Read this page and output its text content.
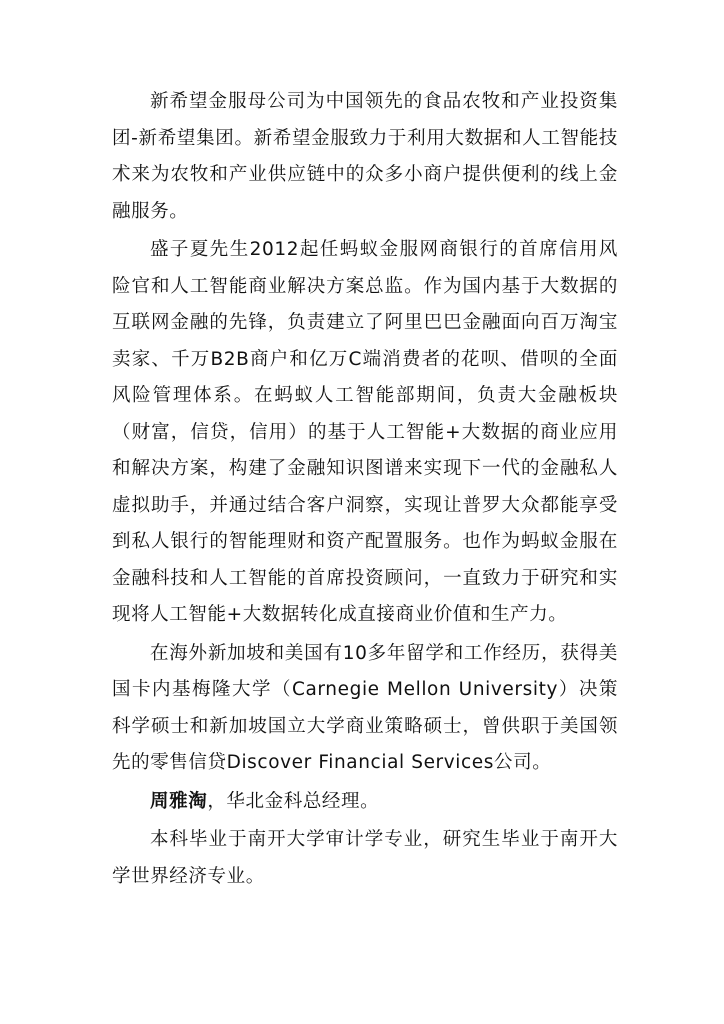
新希望金服母公司为中国领先的食品农牧和产业投资集团-新希望集团。新希望金服致力于利用大数据和人工智能技术来为农牧和产业供应链中的众多小商户提供便利的线上金融服务。

盛子夏先生2012起任蚂蚁金服网商银行的首席信用风险官和人工智能商业解决方案总监。作为国内基于大数据的互联网金融的先锋，负责建立了阿里巴巴金融面向百万淘宝卖家、千万B2B商户和亿万C端消费者的花呗、借呗的全面风险管理体系。在蚂蚁人工智能部期间，负责大金融板块（财富，信贷，信用）的基于人工智能+大数据的商业应用和解决方案，构建了金融知识图谱来实现下一代的金融私人虚拟助手，并通过结合客户洞察，实现让普罗大众都能享受到私人银行的智能理财和资产配置服务。也作为蚂蚁金服在金融科技和人工智能的首席投资顾问，一直致力于研究和实现将人工智能+大数据转化成直接商业价值和生产力。

在海外新加坡和美国有10多年留学和工作经历，获得美国卡内基梅隆大学（Carnegie Mellon University）决策科学硕士和新加坡国立大学商业策略硕士，曾供职于美国领先的零售信贷Discover Financial Services公司。

周雅淘，华北金科总经理。

本科毕业于南开大学审计学专业，研究生毕业于南开大学世界经济专业。
